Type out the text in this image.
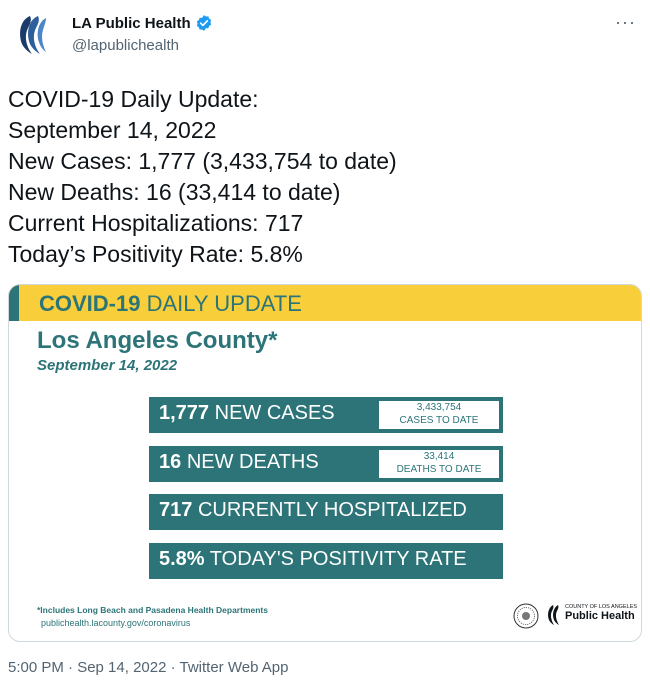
LA Public Health
@lapublichealth
···
COVID-19 Daily Update:
September 14, 2022
New Cases: 1,777 (3,433,754 to date)
New Deaths: 16 (33,414 to date)
Current Hospitalizations: 717
Today’s Positivity Rate: 5.8%
COVID-19 DAILY UPDATE
Los Angeles County*
September 14, 2022
1,777 NEW CASES	3,433,754
CASES TO DATE
16 NEW DEATHS	33,414
DEATHS TO DATE
717 CURRENTLY HOSPITALIZED
5.8% TODAY'S POSITIVITY RATE
*Includes Long Beach and Pasadena Health Departments
publichealth.lacounty.gov/coronavirus
COUNTY OF LOS ANGELES
Public Health
5:00 PM · Sep 14, 2022 · Twitter Web App
